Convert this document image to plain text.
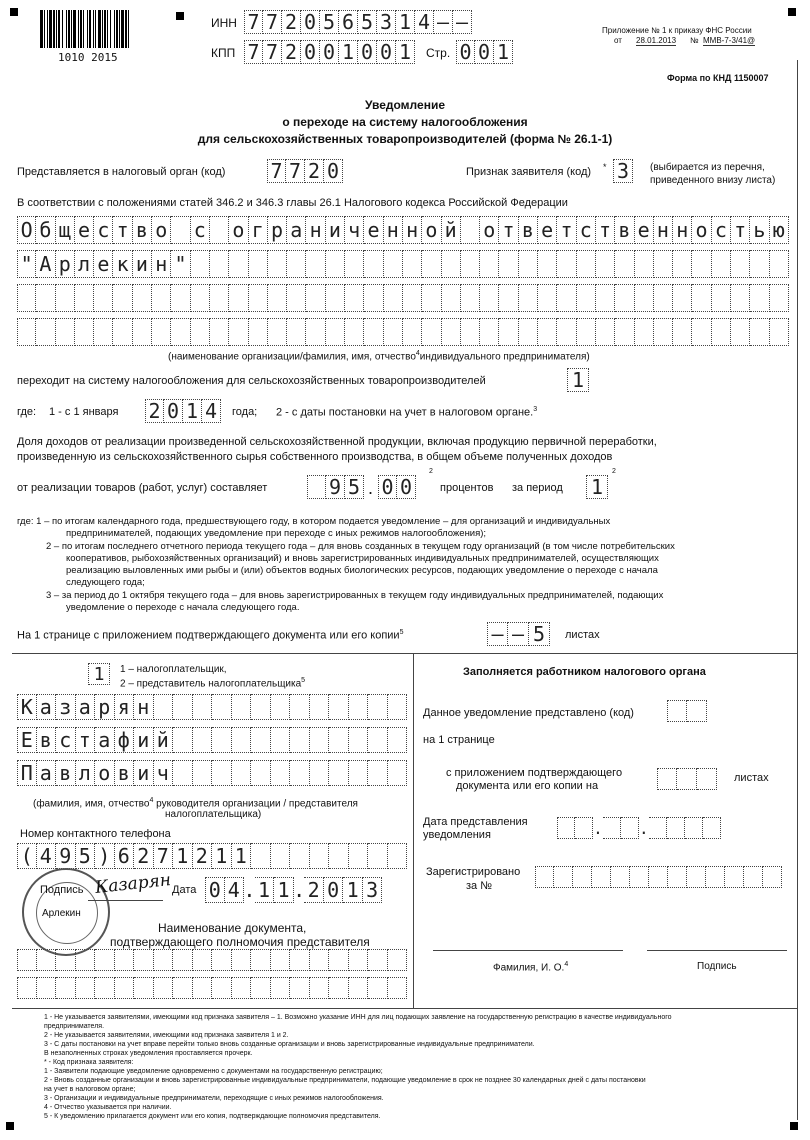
1010 2015
ИНН 7 7 2 0 5 6 5 3 1 4 – –
КПП 7 7 2 0 0 1 0 0 1	Стр. 0 0 1
Приложение № 1 к приказу ФНС России
от 28.01.2013 № ММВ-7-3/41@
Форма по КНД 1150007
Уведомление
о переходе на систему налогообложения
для сельскохозяйственных товаропроизводителей (форма № 26.1-1)
Представляется в налоговый орган (код) 7 7 2 0	Признак заявителя (код) * 3	(выбирается из перечня,
приведенного внизу листа)
В соответствии с положениями статей 346.2 и 346.3 главы 26.1 Налогового кодекса Российской Федерации
О б щ е с т в о с о г р а н и ч е н н о й о т в е т с т в е н н о с т ь ю
" А р л е к и н "
(наименование организации/фамилия, имя, отчество$^4$индивидуального предпринимателя)
переходит на систему налогообложения для сельскохозяйственных товаропроизводителей	1
где: 1 - с 1 января 2 0 1 4	года; 2 - с даты постановки на учет в налоговом органе.$^3$
Доля доходов от реализации произведенной сельскохозяйственной продукции, включая продукцию первичной переработки,
произведенную из сельскохозяйственного сырья собственного производства, в общем объеме полученных доходов
от реализации товаров (работ, услуг) составляет	9 5 . 0 0
2
процентов за период 1
2
где: 1 – по итогам календарного года, предшествующего году, в котором подается уведомление – для организаций и индивидуальных
предпринимателей, подающих уведомление при переходе с иных режимов налогообложения);
2 – по итогам последнего отчетного периода текущего года – для вновь созданных в текущем году организаций (в том числе потребительских
кооперативов, рыбохозяйственных организаций) и вновь зарегистрированных индивидуальных предпринимателей, осуществляющих
реализацию выловленных ими рыбы и (или) объектов водных биологических ресурсов, подающих уведомление о переходе с начала
следующего года;
3 – за период до 1 октября текущего года – для вновь зарегистрированных в текущем году индивидуальных предпринимателей, подающих
уведомление о переходе с начала следующего года.
На 1 странице с приложением подтверждающего документа или его копии$^5$	– – 5	листах
1	1 – налогоплательщик,
2 – представитель налогоплательщика$^5$
К а з а р я н
Е в с т а ф и й
П а в л о в и ч
(фамилия, имя, отчество$^4$ руководителя организации / представителя
налогоплательщика)
Номер контактного телефона
( 4 9 5 ) 6 2 7 1 2 1 1
Арлекин
Подпись Казарян Дата 0 4 . 1 1 . 2 0 1 3
Наименование документа,
подтверждающего полномочия представителя
Заполняется работником налогового органа
Данное уведомление представлено (код)
на 1 странице
с приложением подтверждающего
документа или его копии на
листах
Дата представления
уведомления	. .
Зарегистрировано
за №
Фамилия, И. О.$^4$	Подпись
1 - Не указывается заявителями, имеющими код признака заявителя – 1. Возможно указание ИНН для лиц подающих заявление на государственную регистрацию в качестве индивидуального
предпринимателя.
2 - Не указывается заявителями, имеющими код признака заявителя 1 и 2.
3 - С даты постановки на учет вправе перейти только вновь созданные организации и вновь зарегистрированные индивидуальные предприниматели.
В незаполненных строках уведомления проставляется прочерк.
* - Код признака заявителя:
1 - Заявители подающие уведомление одновременно с документами на государственную регистрацию;
2 - Вновь созданные организации и вновь зарегистрированные индивидуальные предприниматели, подающие уведомление в срок не позднее 30 календарных дней с даты постановки
на учет в налоговом органе;
3 - Организации и индивидуальные предприниматели, переходящие с иных режимов налогообложения.
4 - Отчество указывается при наличии.
5 - К уведомлению прилагается документ или его копия, подтверждающие полномочия представителя.
